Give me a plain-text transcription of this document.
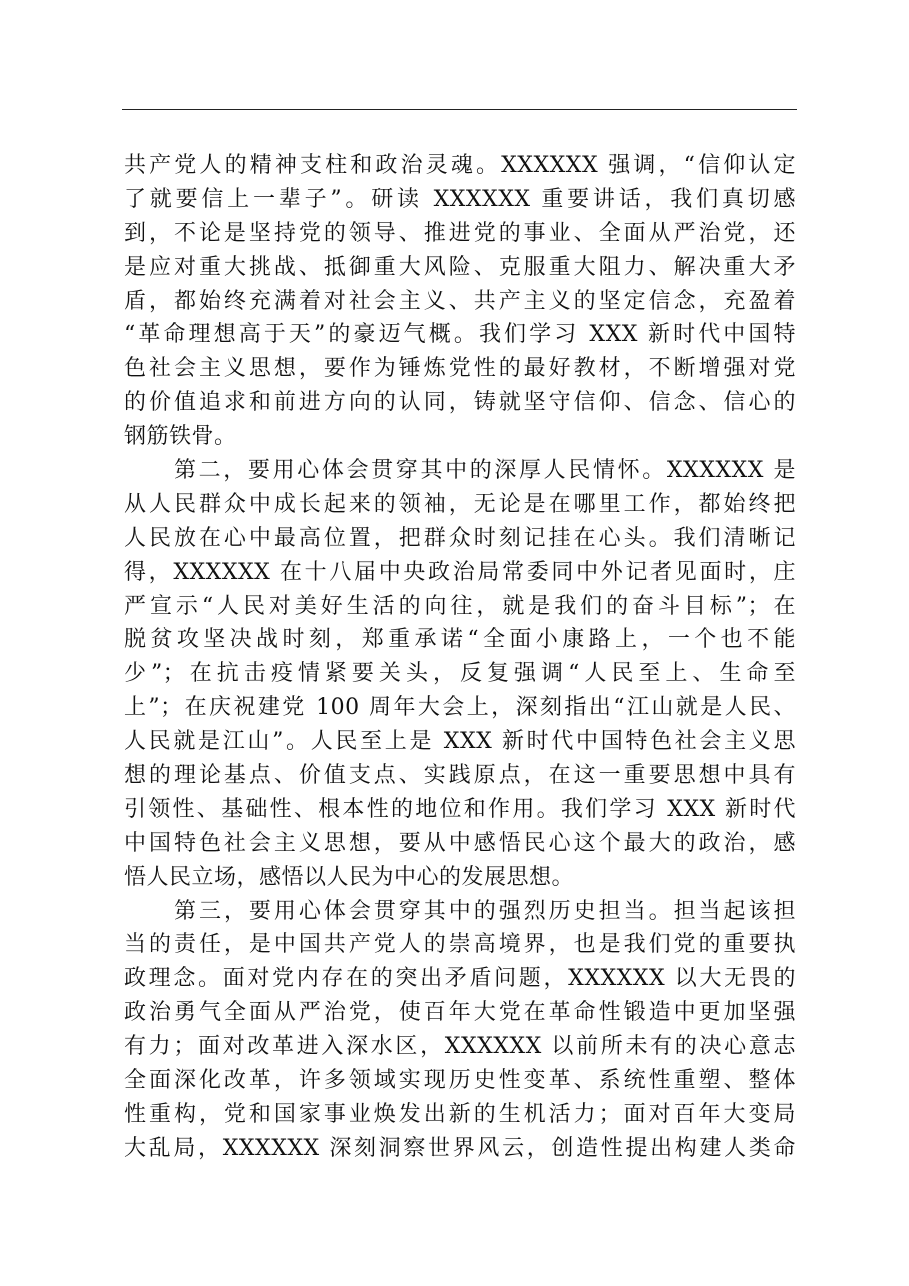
共产党人的精神支柱和政治灵魂。XXXXXX 强调，“信仰认定
了就要信上一辈子”。研读 XXXXXX 重要讲话，我们真切感
到，不论是坚持党的领导、推进党的事业、全面从严治党，还
是应对重大挑战、抵御重大风险、克服重大阻力、解决重大矛
盾，都始终充满着对社会主义、共产主义的坚定信念，充盈着
“革命理想高于天”的豪迈气概。我们学习 XXX 新时代中国特
色社会主义思想，要作为锤炼党性的最好教材，不断增强对党
的价值追求和前进方向的认同，铸就坚守信仰、信念、信心的
钢筋铁骨。
第二，要用心体会贯穿其中的深厚人民情怀。XXXXXX 是
从人民群众中成长起来的领袖，无论是在哪里工作，都始终把
人民放在心中最高位置，把群众时刻记挂在心头。我们清晰记
得，XXXXXX 在十八届中央政治局常委同中外记者见面时，庄
严宣示“人民对美好生活的向往，就是我们的奋斗目标”；在
脱贫攻坚决战时刻，郑重承诺“全面小康路上，一个也不能
少”；在抗击疫情紧要关头，反复强调“人民至上、生命至
上”；在庆祝建党 100 周年大会上，深刻指出“江山就是人民、
人民就是江山”。人民至上是 XXX 新时代中国特色社会主义思
想的理论基点、价值支点、实践原点，在这一重要思想中具有
引领性、基础性、根本性的地位和作用。我们学习 XXX 新时代
中国特色社会主义思想，要从中感悟民心这个最大的政治，感
悟人民立场，感悟以人民为中心的发展思想。
第三，要用心体会贯穿其中的强烈历史担当。担当起该担
当的责任，是中国共产党人的崇高境界，也是我们党的重要执
政理念。面对党内存在的突出矛盾问题，XXXXXX 以大无畏的
政治勇气全面从严治党，使百年大党在革命性锻造中更加坚强
有力；面对改革进入深水区，XXXXXX 以前所未有的决心意志
全面深化改革，许多领域实现历史性变革、系统性重塑、整体
性重构，党和国家事业焕发出新的生机活力；面对百年大变局
大乱局，XXXXXX 深刻洞察世界风云，创造性提出构建人类命
